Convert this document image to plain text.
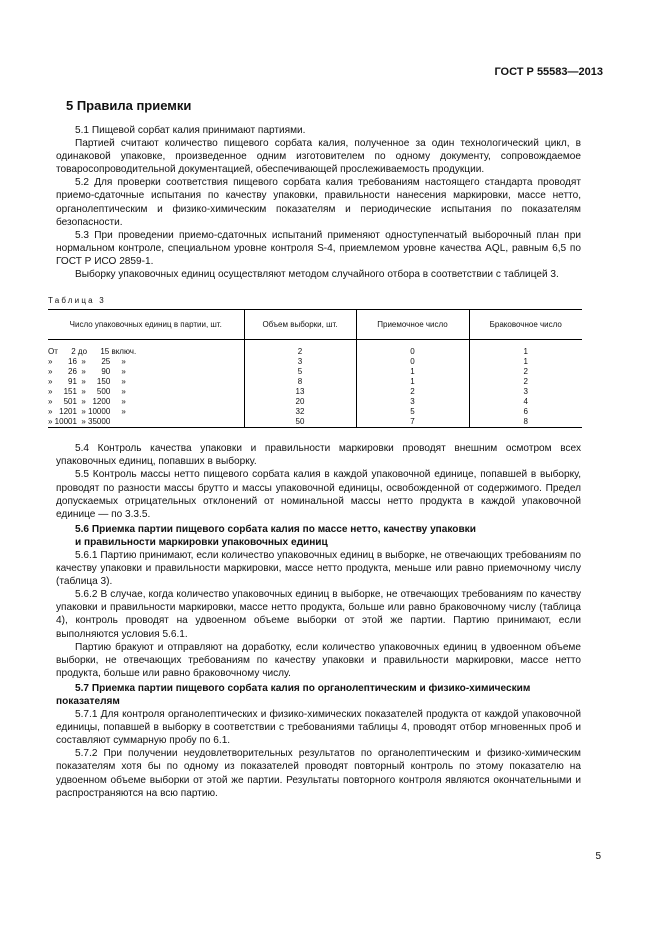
ГОСТ Р 55583—2013
5 Правила приемки

5.1 Пищевой сорбат калия принимают партиями.

Партией считают количество пищевого сорбата калия, полученное за один технологический цикл, в одинаковой упаковке, произведенное одним изготовителем по одному документу, сопровождаемое товаросопроводительной документацией, обеспечивающей прослеживаемость продукции.

5.2 Для проверки соответствия пищевого сорбата калия требованиям настоящего стандарта проводят приемо-сдаточные испытания по качеству упаковки, правильности нанесения маркировки, массе нетто, органолептическим и физико-химическим показателям и периодические испытания по показателям безопасности.

5.3 При проведении приемо-сдаточных испытаний применяют одноступенчатый выборочный план при нормальном контроле, специальном уровне контроля S-4, приемлемом уровне качества AQL, равным 6,5 по ГОСТ Р ИСО 2859-1.

Выборку упаковочных единиц осуществляют методом случайного отбора в соответствии с таблицей 3.

Таблица 3
Число упаковочных единиц в партии, шт.	Объем выборки, шт.	Приемочное число	Браковочное число
От      2 до      15 включ.	2	0	1
»       16  »       25     »	3	0	1
»       26  »       90     »	5	1	2
»       91  »     150     »	8	1	2
»     151  »     500     »	13	2	3
»     501  »   1200     »	20	3	4
»   1201  » 10000     »	32	5	6
» 10001  » 35000	50	7	8

5.4 Контроль качества упаковки и правильности маркировки проводят внешним осмотром всех упаковочных единиц, попавших в выборку.

5.5 Контроль массы нетто пищевого сорбата калия в каждой упаковочной единице, попавшей в выборку, проводят по разности массы брутто и массы упаковочной единицы, освобожденной от содержимого. Предел допускаемых отрицательных отклонений от номинальной массы нетто продукта в каждой упаковочной единице — по 3.3.5.

5.6 Приемка партии пищевого сорбата калия по массе нетто, качеству упаковки
и правильности маркировки упаковочных единиц

5.6.1 Партию принимают, если количество упаковочных единиц в выборке, не отвечающих требованиям по качеству упаковки и правильности маркировки, массе нетто продукта, меньше или равно приемочному числу (таблица 3).

5.6.2 В случае, когда количество упаковочных единиц в выборке, не отвечающих требованиям по качеству упаковки и правильности маркировки, массе нетто продукта, больше или равно браковочному числу (таблица 4), контроль проводят на удвоенном объеме выборки от этой же партии. Партию принимают, если выполняются условия 5.6.1.

Партию бракуют и отправляют на доработку, если количество упаковочных единиц в удвоенном объеме выборки, не отвечающих требованиям по качеству упаковки и правильности маркировки, массе нетто продукта, больше или равно браковочному числу.

5.7 Приемка партии пищевого сорбата калия по органолептическим и физико-химическим показателям

5.7.1 Для контроля органолептических и физико-химических показателей продукта от каждой упаковочной единицы, попавшей в выборку в соответствии с требованиями таблицы 4, проводят отбор мгновенных проб и составляют суммарную пробу по 6.1.

5.7.2 При получении неудовлетворительных результатов по органолептическим и физико-химическим показателям хотя бы по одному из показателей проводят повторный контроль по этому показателю на удвоенном объеме выборки от этой же партии. Результаты повторного контроля являются окончательными и распространяются на всю партию.

5
